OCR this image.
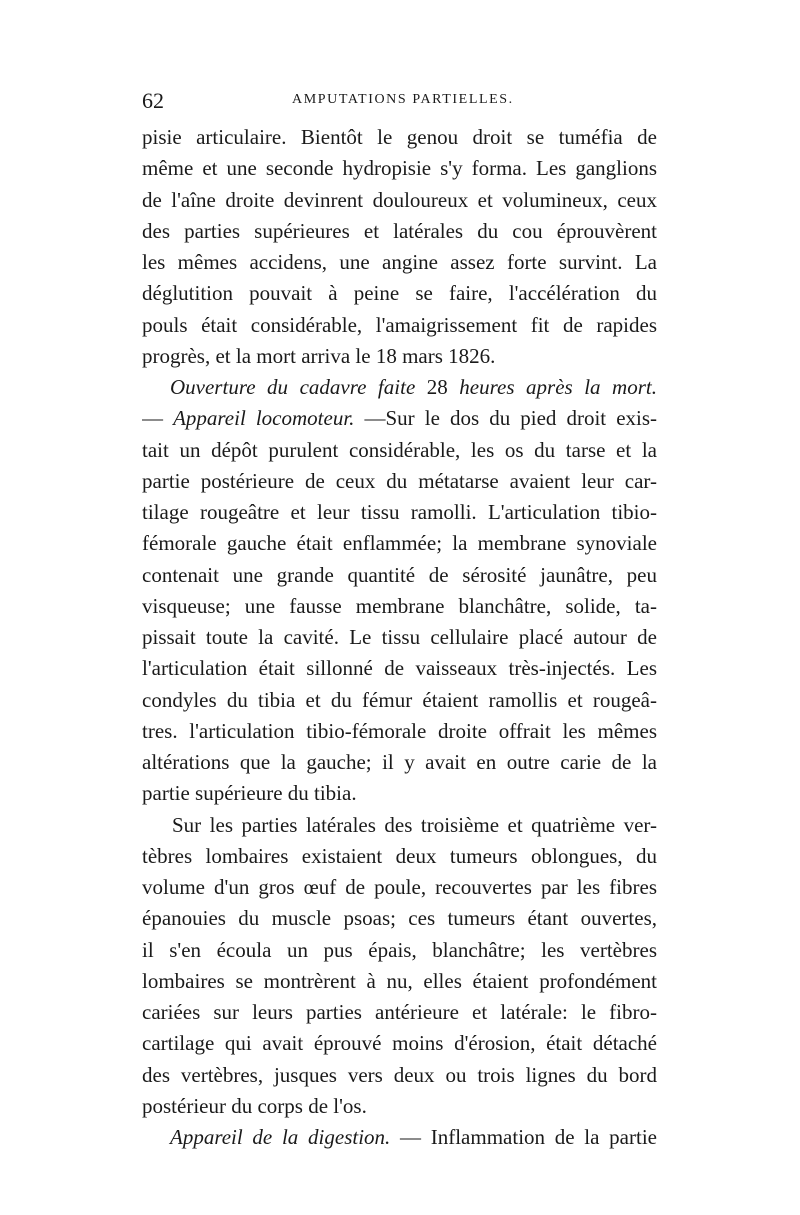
62	AMPUTATIONS PARTIELLES.
pisie articulaire. Bientôt le genou droit se tuméfia de
même et une seconde hydropisie s'y forma. Les ganglions
de l'aîne droite devinrent douloureux et volumineux, ceux
des parties supérieures et latérales du cou éprouvèrent
les mêmes accidens, une angine assez forte survint. La
déglutition pouvait à peine se faire, l'accélération du
pouls était considérable, l'amaigrissement fit de rapides
progrès, et la mort arriva le 18 mars 1826.
Ouverture du cadavre faite 28 heures après la mort.
— Appareil locomoteur. —Sur le dos du pied droit exis-
tait un dépôt purulent considérable, les os du tarse et la
partie postérieure de ceux du métatarse avaient leur car-
tilage rougeâtre et leur tissu ramolli. L'articulation tibio-
fémorale gauche était enflammée; la membrane synoviale
contenait une grande quantité de sérosité jaunâtre, peu
visqueuse; une fausse membrane blanchâtre, solide, ta-
pissait toute la cavité. Le tissu cellulaire placé autour de
l'articulation était sillonné de vaisseaux très-injectés. Les
condyles du tibia et du fémur étaient ramollis et rougeâ-
tres. l'articulation tibio-fémorale droite offrait les mêmes
altérations que la gauche; il y avait en outre carie de la
partie supérieure du tibia.
Sur les parties latérales des troisième et quatrième ver-
tèbres lombaires existaient deux tumeurs oblongues, du
volume d'un gros œuf de poule, recouvertes par les fibres
épanouies du muscle psoas; ces tumeurs étant ouvertes,
il s'en écoula un pus épais, blanchâtre; les vertèbres
lombaires se montrèrent à nu, elles étaient profondément
cariées sur leurs parties antérieure et latérale: le fibro-
cartilage qui avait éprouvé moins d'érosion, était détaché
des vertèbres, jusques vers deux ou trois lignes du bord
postérieur du corps de l'os.
Appareil de la digestion. — Inflammation de la partie
